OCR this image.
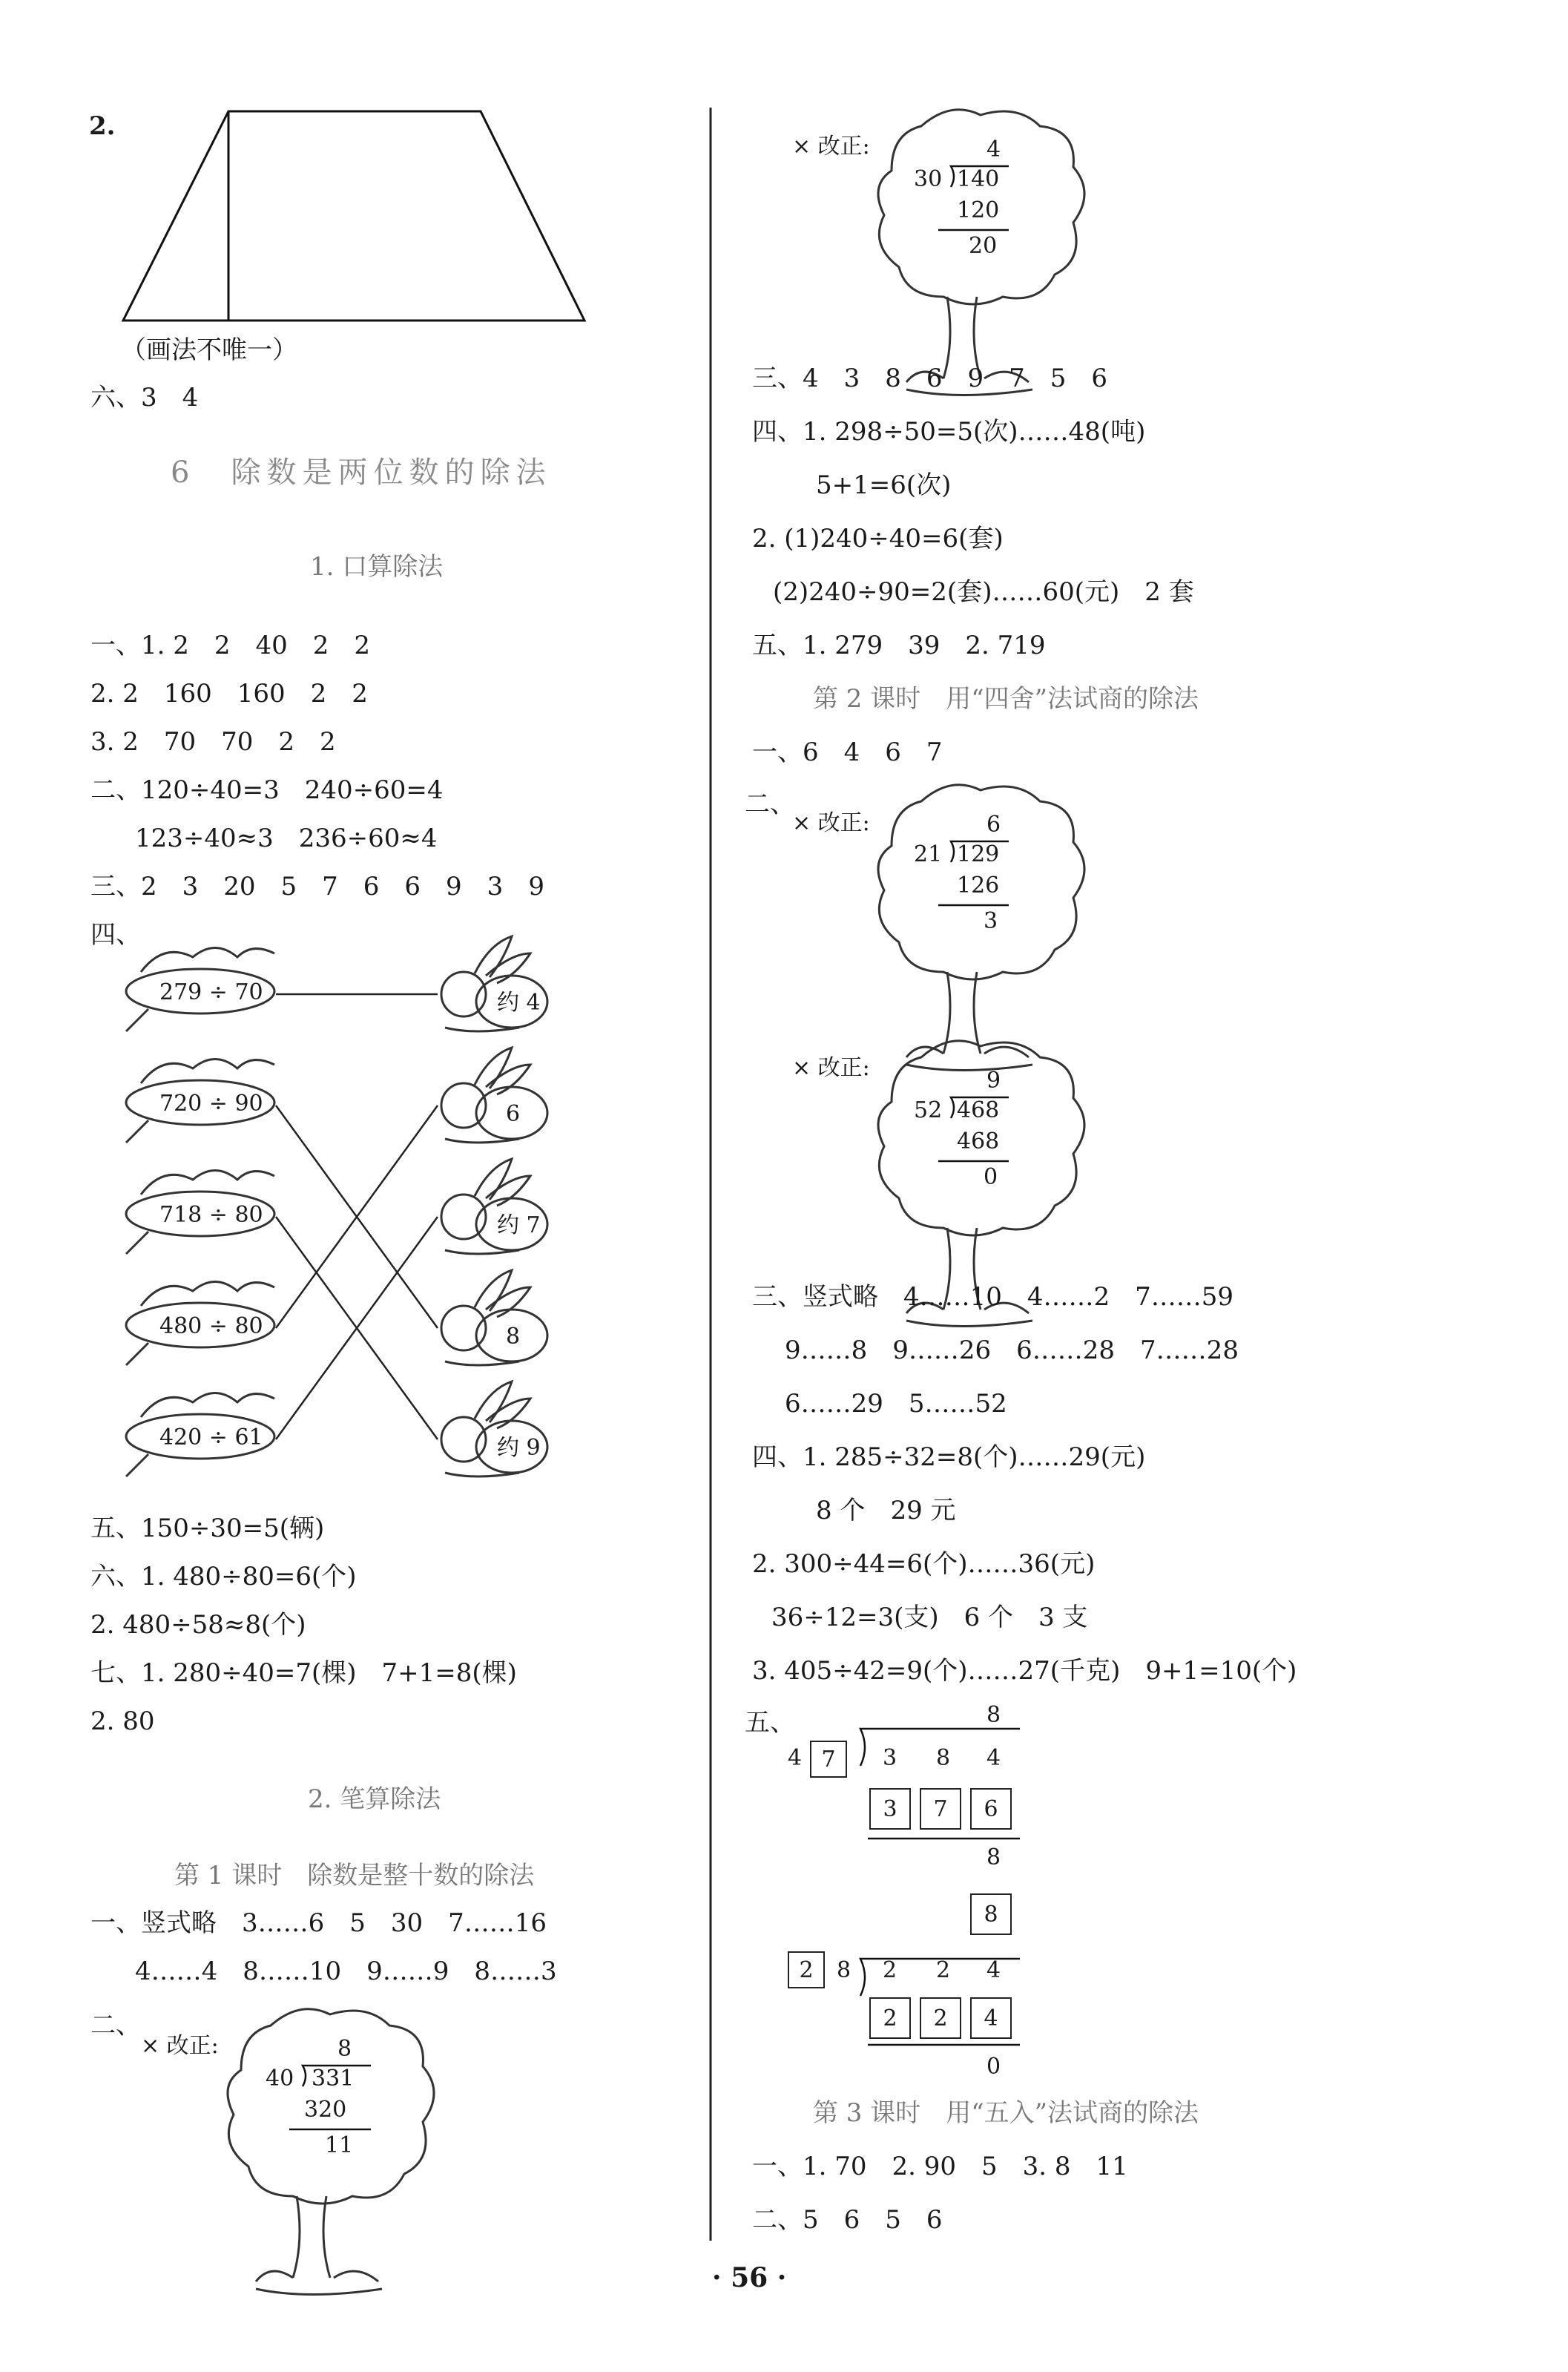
2.
（画法不唯一）
六、3　4
6　除数是两位数的除法
1. 口算除法
一、1. 2　2　40　2　2
2. 2　160　160　2　2
3. 2　70　70　2　2
二、120÷40=3　240÷60=4
123÷40≈3　236÷60≈4
三、2　3　20　5　7　6　6　9　3　9
四、
279 ÷ 70
720 ÷ 90
718 ÷ 80
480 ÷ 80
420 ÷ 61
约 4
6
约 7
8
约 9
五、150÷30=5(辆)
六、1. 480÷80=6(个)
2. 480÷58≈8(个)
七、1. 280÷40=7(棵)　7+1=8(棵)
2. 80
2. 笔算除法
第 1 课时　除数是整十数的除法
一、竖式略　3……6　5　30　7……16
4……4　8……10　9……9　8……3
二、
× 改正:	8
40 331
320
11
× 改正:	4
30 140
120
20
三、4　3　8　6　9　7　5　6
四、1. 298÷50=5(次)……48(吨)
5+1=6(次)
2. (1)240÷40=6(套)
(2)240÷90=2(套)……60(元)　2 套
五、1. 279　39　2. 719
第 2 课时　用“四舍”法试商的除法
一、6　4　6　7
二、
× 改正:	6
21 129
126
3
× 改正:	9
52 468
468
0
三、竖式略　4……10　4……2　7……59
9……8　9……26　6……28　7……28
6……29　5……52
四、1. 285÷32=8(个)……29(元)
8 个　29 元
2. 300÷44=6(个)……36(元)
36÷12=3(支)　6 个　3 支
3. 405÷42=9(个)……27(千克)　9+1=10(个)
五、	8
4 7	3 8 4
3	7	6
8
8
2	8 2 2 4
2	2	4
0
第 3 课时　用“五入”法试商的除法
一、1. 70　2. 90　5　3. 8　11
二、5　6　5　6
· 56 ·
